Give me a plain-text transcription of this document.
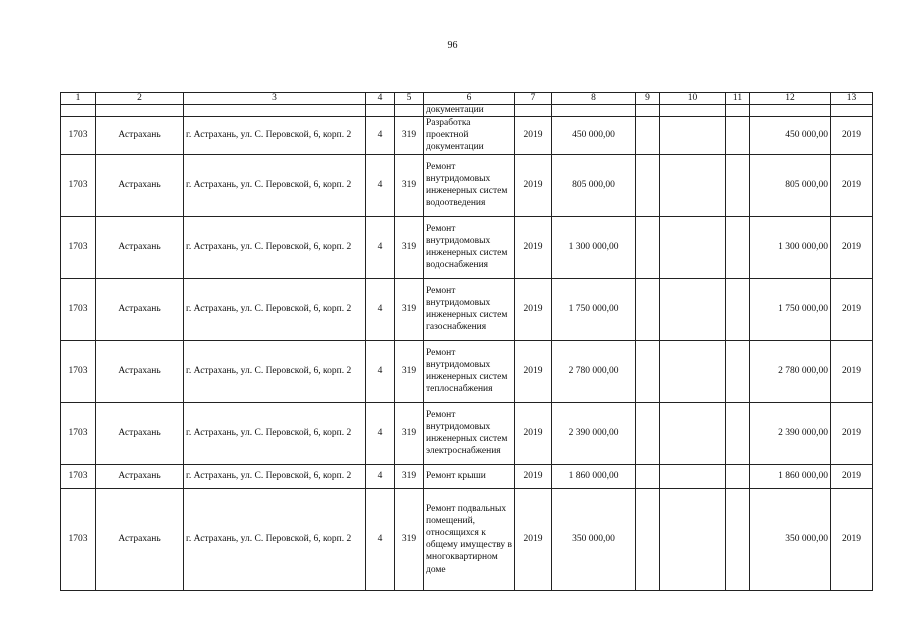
96
1	2	3	4	5	6	7	8	9	10	11	12	13
					документации							
1703	Астрахань	г. Астрахань, ул. С. Перовской, 6, корп. 2	4	319	Разработка проектной документации	2019	450 000,00				450 000,00	2019
1703	Астрахань	г. Астрахань, ул. С. Перовской, 6, корп. 2	4	319	Ремонт внутридомовых инженерных систем водоотведения	2019	805 000,00				805 000,00	2019
1703	Астрахань	г. Астрахань, ул. С. Перовской, 6, корп. 2	4	319	Ремонт внутридомовых инженерных систем водоснабжения	2019	1 300 000,00				1 300 000,00	2019
1703	Астрахань	г. Астрахань, ул. С. Перовской, 6, корп. 2	4	319	Ремонт внутридомовых инженерных систем газоснабжения	2019	1 750 000,00				1 750 000,00	2019
1703	Астрахань	г. Астрахань, ул. С. Перовской, 6, корп. 2	4	319	Ремонт внутридомовых инженерных систем теплоснабжения	2019	2 780 000,00				2 780 000,00	2019
1703	Астрахань	г. Астрахань, ул. С. Перовской, 6, корп. 2	4	319	Ремонт внутридомовых инженерных систем электроснабжения	2019	2 390 000,00				2 390 000,00	2019
1703	Астрахань	г. Астрахань, ул. С. Перовской, 6, корп. 2	4	319	Ремонт крыши	2019	1 860 000,00				1 860 000,00	2019
1703	Астрахань	г. Астрахань, ул. С. Перовской, 6, корп. 2	4	319	Ремонт подвальных помещений, относящихся к общему имуществу в многоквартирном доме	2019	350 000,00				350 000,00	2019
